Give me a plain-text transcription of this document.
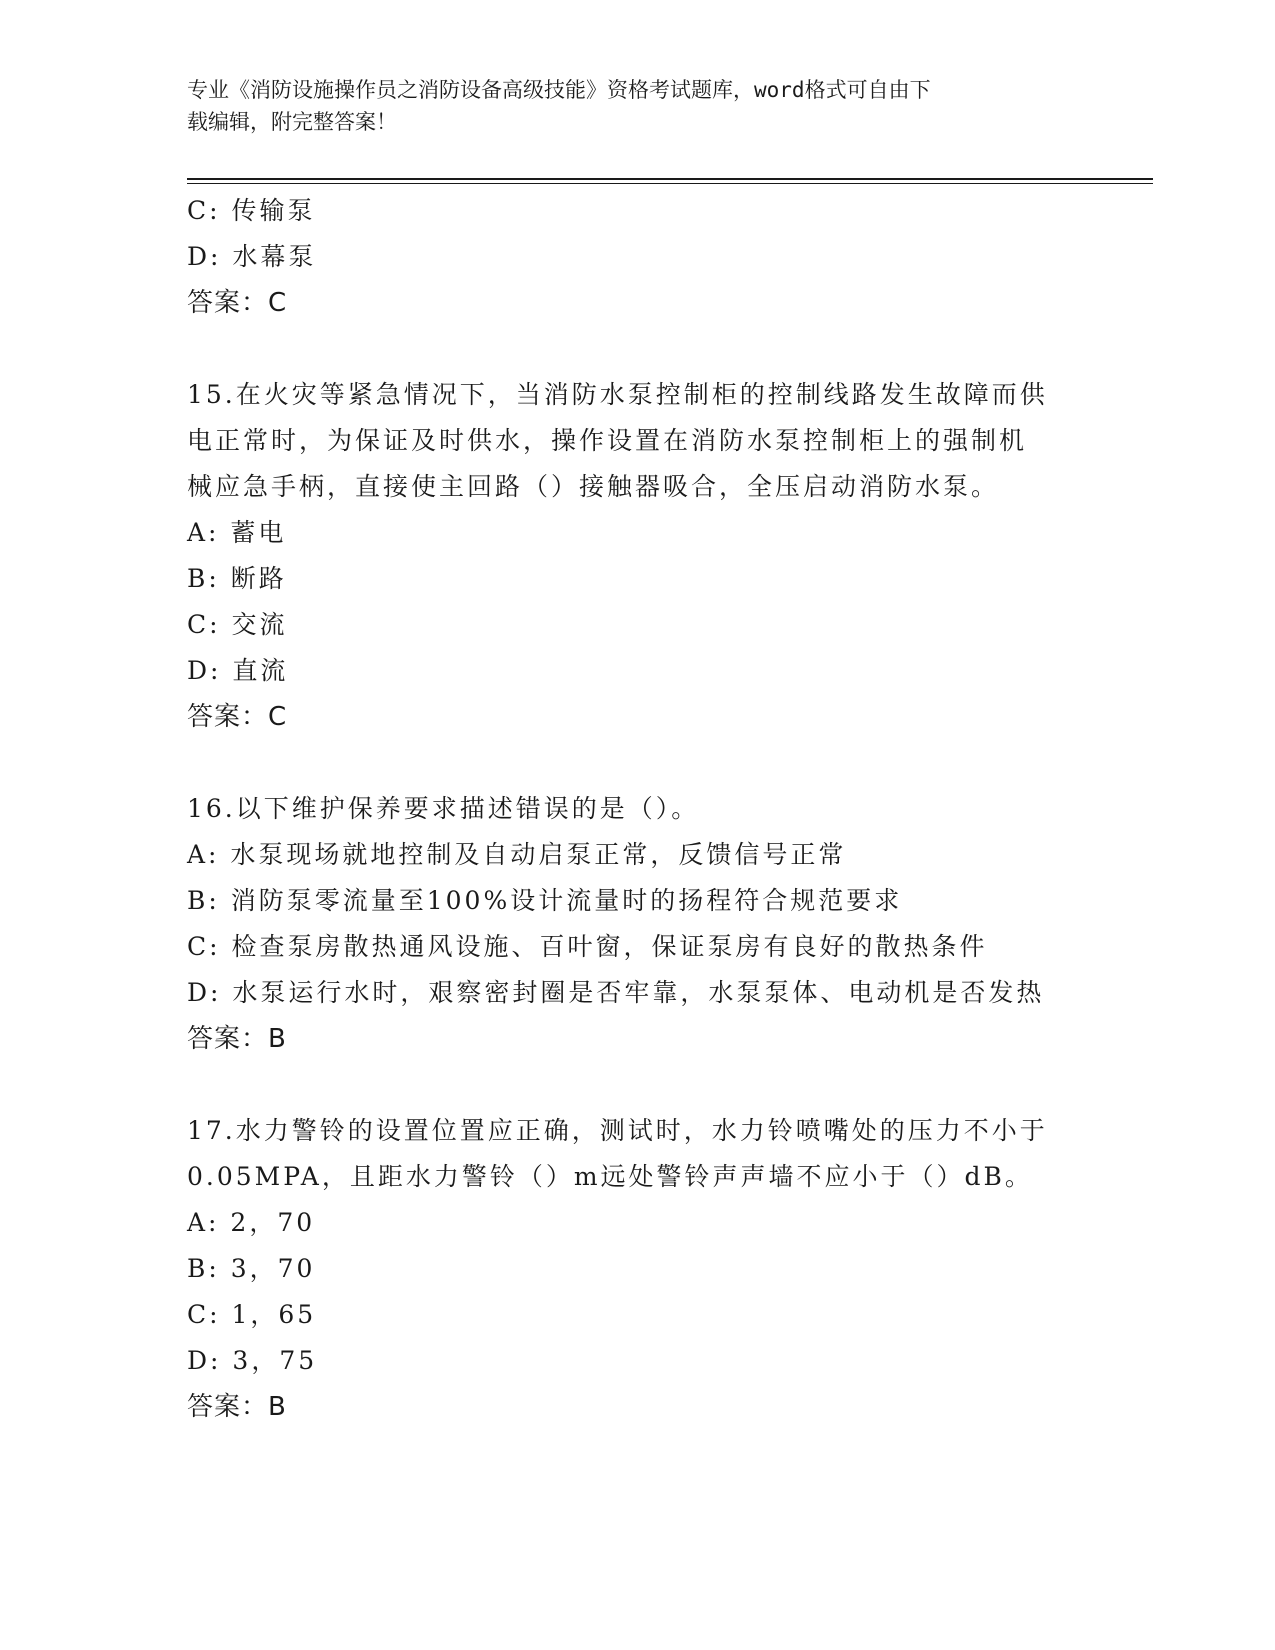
专业《消防设施操作员之消防设备高级技能》资格考试题库，word格式可自由下
载编辑，附完整答案！
C: 传输泵
D: 水幕泵
答案：C
15.在火灾等紧急情况下，当消防水泵控制柜的控制线路发生故障而供
电正常时，为保证及时供水，操作设置在消防水泵控制柜上的强制机
械应急手柄，直接使主回路（）接触器吸合，全压启动消防水泵。
A: 蓄电
B: 断路
C: 交流
D: 直流
答案：C
16.以下维护保养要求描述错误的是（）。
A: 水泵现场就地控制及自动启泵正常，反馈信号正常
B: 消防泵零流量至100%设计流量时的扬程符合规范要求
C: 检查泵房散热通风设施、百叶窗，保证泵房有良好的散热条件
D: 水泵运行水时，艰察密封圈是否牢靠，水泵泵体、电动机是否发热
答案：B
17.水力警铃的设置位置应正确，测试时，水力铃喷嘴处的压力不小于
0.05MPA，且距水力警铃（）m远处警铃声声墙不应小于（）dB。
A: 2，70
B: 3，70
C: 1，65
D: 3，75
答案：B
